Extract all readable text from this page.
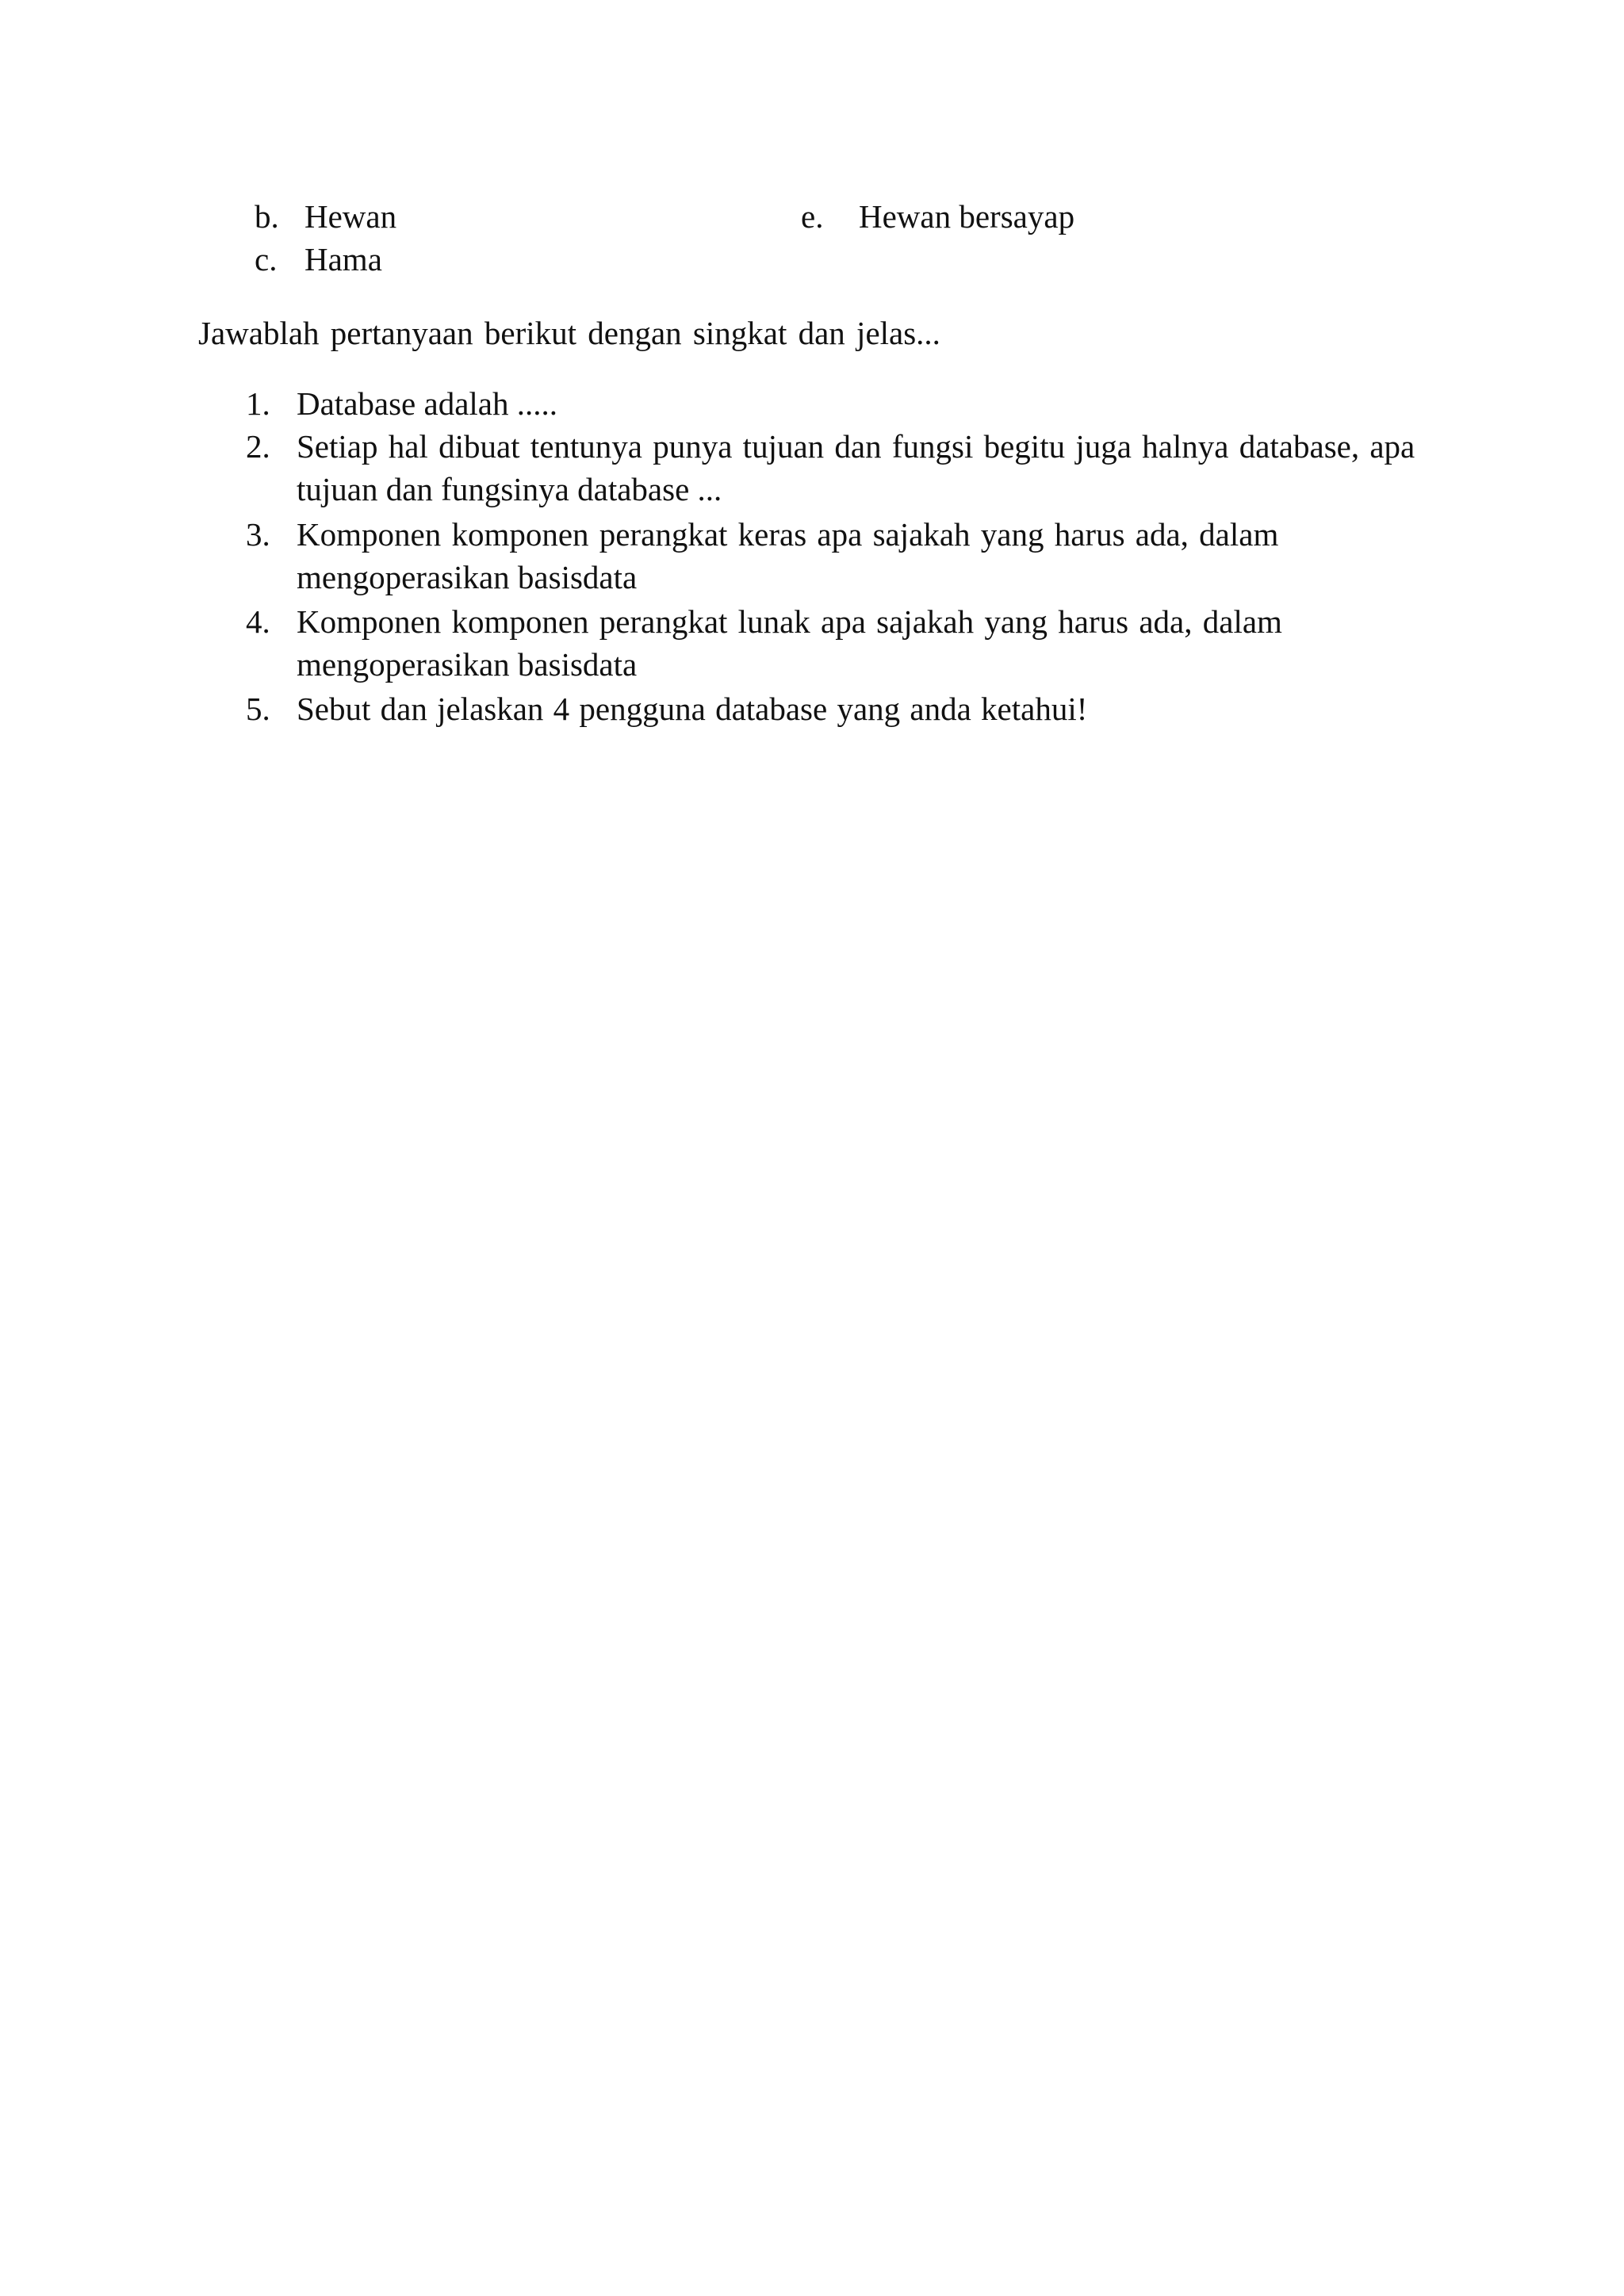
b. Hewan
c. Hama
e. Hewan bersayap
Jawablah pertanyaan berikut dengan singkat dan jelas...
1. Database adalah .....
2. Setiap hal dibuat tentunya punya tujuan dan fungsi begitu juga halnya database, apa
tujuan dan fungsinya database ...
3. Komponen komponen perangkat keras apa sajakah yang harus ada, dalam
mengoperasikan basisdata
4. Komponen komponen perangkat lunak apa sajakah yang harus ada, dalam
mengoperasikan basisdata
5. Sebut dan jelaskan 4 pengguna database yang anda ketahui!
